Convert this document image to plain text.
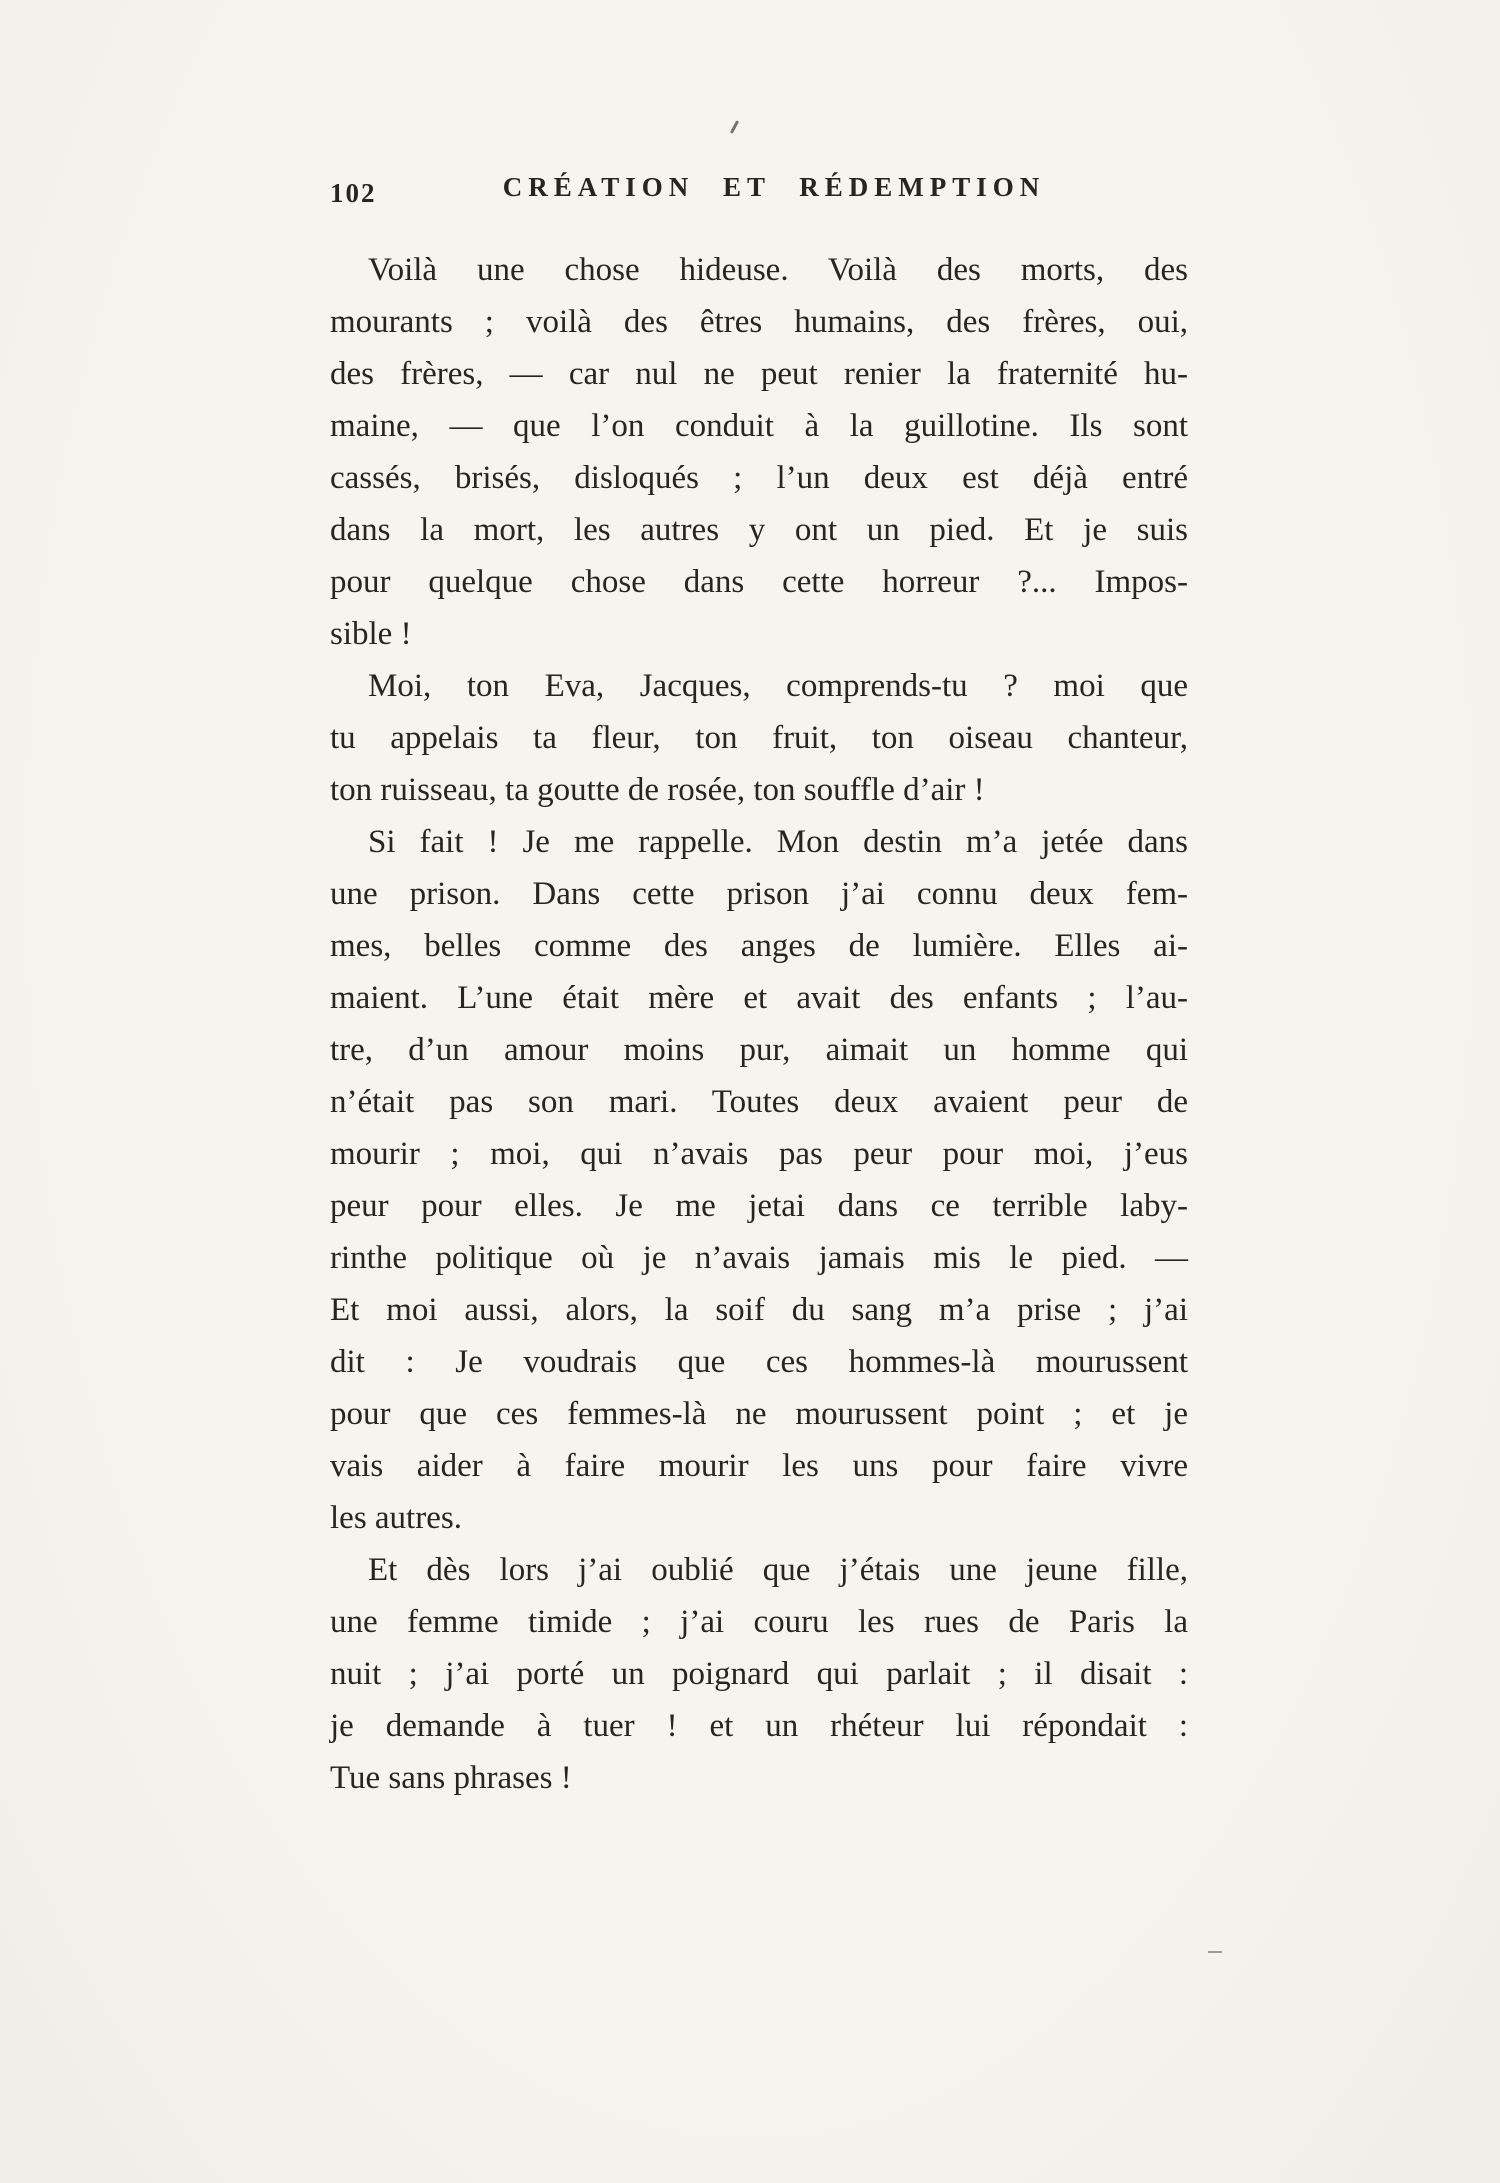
102	CRÉATION ET RÉDEMPTION
Voilà une chose hideuse. Voilà des morts, des
mourants ; voilà des êtres humains, des frères, oui,
des frères, — car nul ne peut renier la fraternité hu-
maine, — que l’on conduit à la guillotine. Ils sont
cassés, brisés, disloqués ; l’un deux est déjà entré
dans la mort, les autres y ont un pied. Et je suis
pour quelque chose dans cette horreur ?... Impos-
sible !
Moi, ton Eva, Jacques, comprends-tu ? moi que
tu appelais ta fleur, ton fruit, ton oiseau chanteur,
ton ruisseau, ta goutte de rosée, ton souffle d’air !
Si fait ! Je me rappelle. Mon destin m’a jetée dans
une prison. Dans cette prison j’ai connu deux fem-
mes, belles comme des anges de lumière. Elles ai-
maient. L’une était mère et avait des enfants ; l’au-
tre, d’un amour moins pur, aimait un homme qui
n’était pas son mari. Toutes deux avaient peur de
mourir ; moi, qui n’avais pas peur pour moi, j’eus
peur pour elles. Je me jetai dans ce terrible laby-
rinthe politique où je n’avais jamais mis le pied. —
Et moi aussi, alors, la soif du sang m’a prise ; j’ai
dit : Je voudrais que ces hommes-là mourussent
pour que ces femmes-là ne mourussent point ; et je
vais aider à faire mourir les uns pour faire vivre
les autres.
Et dès lors j’ai oublié que j’étais une jeune fille,
une femme timide ; j’ai couru les rues de Paris la
nuit ; j’ai porté un poignard qui parlait ; il disait :
je demande à tuer ! et un rhéteur lui répondait :
Tue sans phrases !
